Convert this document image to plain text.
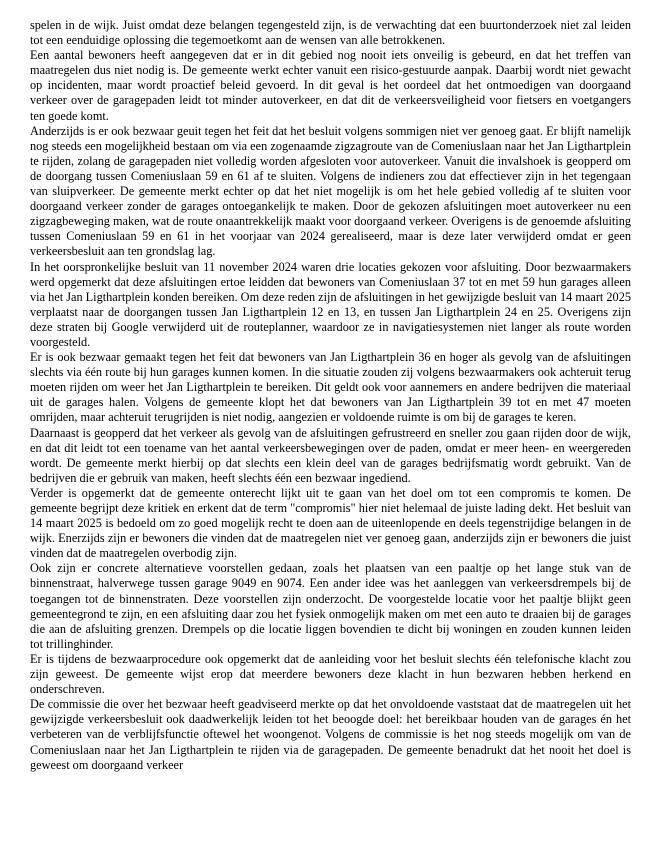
spelen in de wijk. Juist omdat deze belangen tegengesteld zijn, is de verwachting dat een buurtonderzoek niet zal leiden tot een eenduidige oplossing die tegemoetkomt aan de wensen van alle betrokkenen.

Een aantal bewoners heeft aangegeven dat er in dit gebied nog nooit iets onveilig is gebeurd, en dat het treffen van maatregelen dus niet nodig is. De gemeente werkt echter vanuit een risico-gestuurde aanpak. Daarbij wordt niet gewacht op incidenten, maar wordt proactief beleid gevoerd. In dit geval is het oordeel dat het ontmoedigen van doorgaand verkeer over de garagepaden leidt tot minder autoverkeer, en dat dit de verkeersveiligheid voor fietsers en voetgangers ten goede komt.

Anderzijds is er ook bezwaar geuit tegen het feit dat het besluit volgens sommigen niet ver genoeg gaat. Er blijft namelijk nog steeds een mogelijkheid bestaan om via een zogenaamde zigzagroute van de Comeniuslaan naar het Jan Ligthartplein te rijden, zolang de garagepaden niet volledig worden afgesloten voor autoverkeer. Vanuit die invalshoek is geopperd om de doorgang tussen Comeniuslaan 59 en 61 af te sluiten. Volgens de indieners zou dat effectiever zijn in het tegengaan van sluipverkeer. De gemeente merkt echter op dat het niet mogelijk is om het hele gebied volledig af te sluiten voor doorgaand verkeer zonder de garages ontoegankelijk te maken. Door de gekozen afsluitingen moet autoverkeer nu een zigzagbeweging maken, wat de route onaantrekkelijk maakt voor doorgaand verkeer. Overigens is de genoemde afsluiting tussen Comeniuslaan 59 en 61 in het voorjaar van 2024 gerealiseerd, maar is deze later verwijderd omdat er geen verkeersbesluit aan ten grondslag lag.

In het oorspronkelijke besluit van 11 november 2024 waren drie locaties gekozen voor afsluiting. Door bezwaarmakers werd opgemerkt dat deze afsluitingen ertoe leidden dat bewoners van Comeniuslaan 37 tot en met 59 hun garages alleen via het Jan Ligthartplein konden bereiken. Om deze reden zijn de afsluitingen in het gewijzigde besluit van 14 maart 2025 verplaatst naar de doorgangen tussen Jan Ligthartplein 12 en 13, en tussen Jan Ligthartplein 24 en 25. Overigens zijn deze straten bij Google verwijderd uit de routeplanner, waardoor ze in navigatiesystemen niet langer als route worden voorgesteld.

Er is ook bezwaar gemaakt tegen het feit dat bewoners van Jan Ligthartplein 36 en hoger als gevolg van de afsluitingen slechts via één route bij hun garages kunnen komen. In die situatie zouden zij volgens bezwaarmakers ook achteruit terug moeten rijden om weer het Jan Ligthartplein te bereiken. Dit geldt ook voor aannemers en andere bedrijven die materiaal uit de garages halen. Volgens de gemeente klopt het dat bewoners van Jan Ligthartplein 39 tot en met 47 moeten omrijden, maar achteruit terugrijden is niet nodig, aangezien er voldoende ruimte is om bij de garages te keren.

Daarnaast is geopperd dat het verkeer als gevolg van de afsluitingen gefrustreerd en sneller zou gaan rijden door de wijk, en dat dit leidt tot een toename van het aantal verkeersbewegingen over de paden, omdat er meer heen- en weergereden wordt. De gemeente merkt hierbij op dat slechts een klein deel van de garages bedrijfsmatig wordt gebruikt. Van de bedrijven die er gebruik van maken, heeft slechts één een bezwaar ingediend.

Verder is opgemerkt dat de gemeente onterecht lijkt uit te gaan van het doel om tot een compromis te komen. De gemeente begrijpt deze kritiek en erkent dat de term "compromis" hier niet helemaal de juiste lading dekt. Het besluit van 14 maart 2025 is bedoeld om zo goed mogelijk recht te doen aan de uiteenlopende en deels tegenstrijdige belangen in de wijk. Enerzijds zijn er bewoners die vinden dat de maatregelen niet ver genoeg gaan, anderzijds zijn er bewoners die juist vinden dat de maatregelen overbodig zijn.

Ook zijn er concrete alternatieve voorstellen gedaan, zoals het plaatsen van een paaltje op het lange stuk van de binnenstraat, halverwege tussen garage 9049 en 9074. Een ander idee was het aanleggen van verkeersdrempels bij de toegangen tot de binnenstraten. Deze voorstellen zijn onderzocht. De voorgestelde locatie voor het paaltje blijkt geen gemeentegrond te zijn, en een afsluiting daar zou het fysiek onmogelijk maken om met een auto te draaien bij de garages die aan de afsluiting grenzen. Drempels op die locatie liggen bovendien te dicht bij woningen en zouden kunnen leiden tot trillinghinder.

Er is tijdens de bezwaarprocedure ook opgemerkt dat de aanleiding voor het besluit slechts één telefonische klacht zou zijn geweest. De gemeente wijst erop dat meerdere bewoners deze klacht in hun bezwaren hebben herkend en onderschreven.

De commissie die over het bezwaar heeft geadviseerd merkte op dat het onvoldoende vaststaat dat de maatregelen uit het gewijzigde verkeersbesluit ook daadwerkelijk leiden tot het beoogde doel: het bereikbaar houden van de garages én het verbeteren van de verblijfsfunctie oftewel het woongenot. Volgens de commissie is het nog steeds mogelijk om van de Comeniuslaan naar het Jan Ligthartplein te rijden via de garagepaden. De gemeente benadrukt dat het nooit het doel is geweest om doorgaand verkeer
